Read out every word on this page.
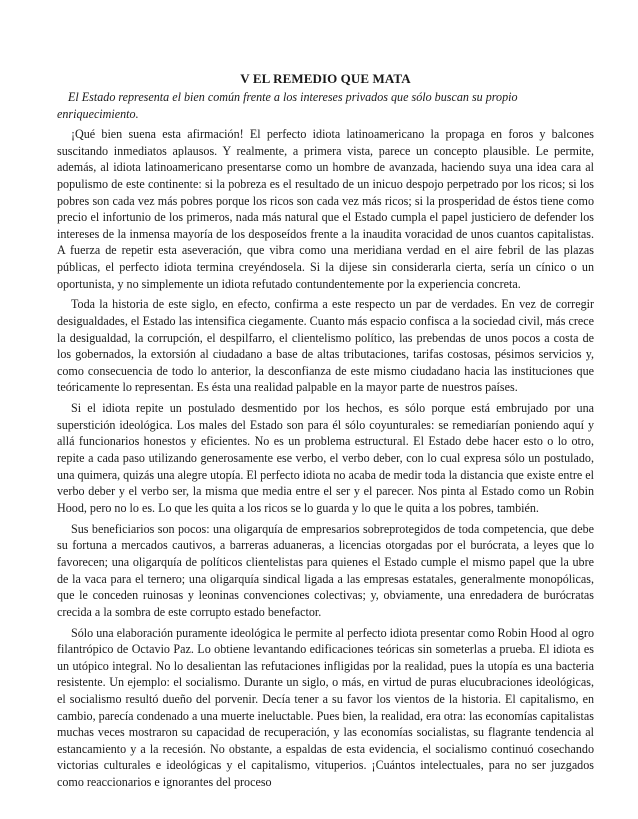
V EL REMEDIO QUE MATA

El Estado representa el bien común frente a los intereses privados que sólo buscan su propio enriquecimiento.

¡Qué bien suena esta afirmación! El perfecto idiota latinoamericano la propaga en foros y balcones suscitando inmediatos aplausos. Y realmente, a primera vista, parece un concepto plausible. Le permite, además, al idiota latinoamericano presentarse como un hombre de avanzada, haciendo suya una idea cara al populismo de este continente: si la pobreza es el resultado de un inicuo despojo perpetrado por los ricos; si los pobres son cada vez más pobres porque los ricos son cada vez más ricos; si la prosperidad de éstos tiene como precio el infortunio de los primeros, nada más natural que el Estado cumpla el papel justiciero de defender los intereses de la inmensa mayoría de los desposeídos frente a la inaudita voracidad de unos cuantos capitalistas. A fuerza de repetir esta aseveración, que vibra como una meridiana verdad en el aire febril de las plazas públicas, el perfecto idiota termina creyéndosela. Si la dijese sin considerarla cierta, sería un cínico o un oportunista, y no simplemente un idiota refutado contundentemente por la experiencia concreta.

Toda la historia de este siglo, en efecto, confirma a este respecto un par de verdades. En vez de corregir desigualdades, el Estado las intensifica ciegamente. Cuanto más espacio confisca a la sociedad civil, más crece la desigualdad, la corrupción, el despilfarro, el clientelismo político, las prebendas de unos pocos a costa de los gobernados, la extorsión al ciudadano a base de altas tributaciones, tarifas costosas, pésimos servicios y, como consecuencia de todo lo anterior, la desconfianza de este mismo ciudadano hacia las instituciones que teóricamente lo representan. Es ésta una realidad palpable en la mayor parte de nuestros países.

Si el idiota repite un postulado desmentido por los hechos, es sólo porque está embrujado por una superstición ideológica. Los males del Estado son para él sólo coyunturales: se remediarían poniendo aquí y allá funcionarios honestos y eficientes. No es un problema estructural. El Estado debe hacer esto o lo otro, repite a cada paso utilizando generosamente ese verbo, el verbo deber, con lo cual expresa sólo un postulado, una quimera, quizás una alegre utopía. El perfecto idiota no acaba de medir toda la distancia que existe entre el verbo deber y el verbo ser, la misma que media entre el ser y el parecer. Nos pinta al Estado como un Robin Hood, pero no lo es. Lo que les quita a los ricos se lo guarda y lo que le quita a los pobres, también.

Sus beneficiarios son pocos: una oligarquía de empresarios sobreprotegidos de toda competencia, que debe su fortuna a mercados cautivos, a barreras aduaneras, a licencias otorgadas por el burócrata, a leyes que lo favorecen; una oligarquía de políticos clientelistas para quienes el Estado cumple el mismo papel que la ubre de la vaca para el ternero; una oligarquía sindical ligada a las empresas estatales, generalmente monopólicas, que le conceden ruinosas y leoninas convenciones colectivas; y, obviamente, una enredadera de burócratas crecida a la sombra de este corrupto estado benefactor.

Sólo una elaboración puramente ideológica le permite al perfecto idiota presentar como Robin Hood al ogro filantrópico de Octavio Paz. Lo obtiene levantando edificaciones teóricas sin someterlas a prueba. El idiota es un utópico integral. No lo desalientan las refutaciones infligidas por la realidad, pues la utopía es una bacteria resistente. Un ejemplo: el socialismo. Durante un siglo, o más, en virtud de puras elucubraciones ideológicas, el socialismo resultó dueño del porvenir. Decía tener a su favor los vientos de la historia. El capitalismo, en cambio, parecía condenado a una muerte ineluctable. Pues bien, la realidad, era otra: las economías capitalistas muchas veces mostraron su capacidad de recuperación, y las economías socialistas, su flagrante tendencia al estancamiento y a la recesión. No obstante, a espaldas de esta evidencia, el socialismo continuó cosechando victorias culturales e ideológicas y el capitalismo, vituperios. ¡Cuántos intelectuales, para no ser juzgados como reaccionarios e ignorantes del proceso
